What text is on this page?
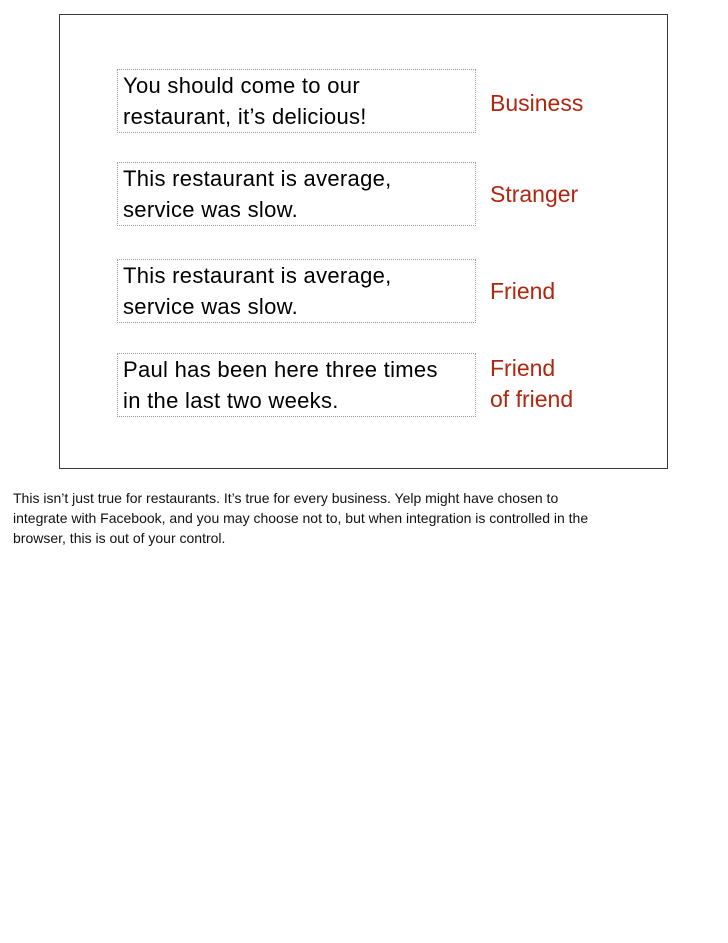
You should come to our
restaurant, it’s delicious!
Business
This restaurant is average,
service was slow.
Stranger
This restaurant is average,
service was slow.
Friend
Paul has been here three times
in the last two weeks.
Friend
of friend
This isn’t just true for restaurants. It’s true for every business. Yelp might have chosen to
integrate with Facebook, and you may choose not to, but when integration is controlled in the
browser, this is out of your control.
